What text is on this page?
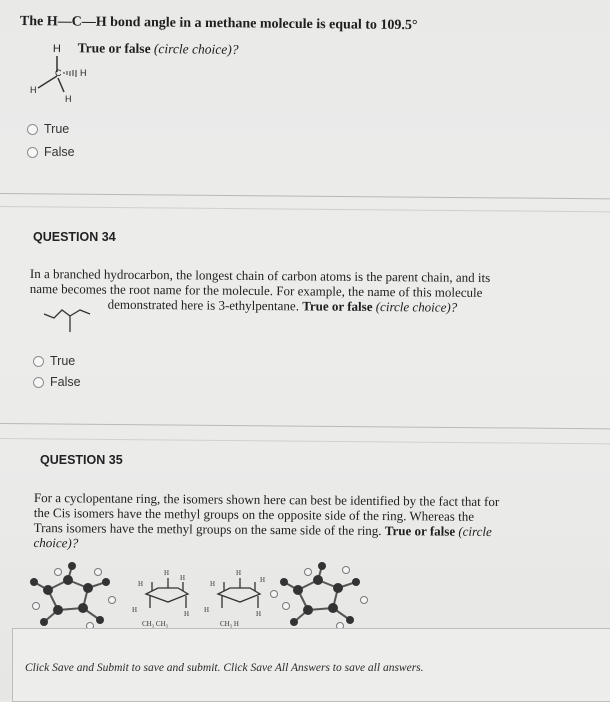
The H—C—H bond angle in a methane molecule is equal to 109.5°
H True or false (circle choice)?
C
H
H
H
True
False
QUESTION 34
In a branched hydrocarbon, the longest chain of carbon atoms is the parent chain, and its
name becomes the root name for the molecule. For example, the name of this molecule
demonstrated here is 3-ethylpentane. True or false (circle choice)?
True
False
QUESTION 35
For a cyclopentane ring, the isomers shown here can best be identified by the fact that for
the Cis isomers have the methyl groups on the opposite side of the ring. Whereas the
Trans isomers have the methyl groups on the same side of the ring. True or false (circle
choice)?
H
H
H
H	H
CH₃ CH₃
H
H
H
H	H
CH₃ H
Click Save and Submit to save and submit. Click Save All Answers to save all answers.
